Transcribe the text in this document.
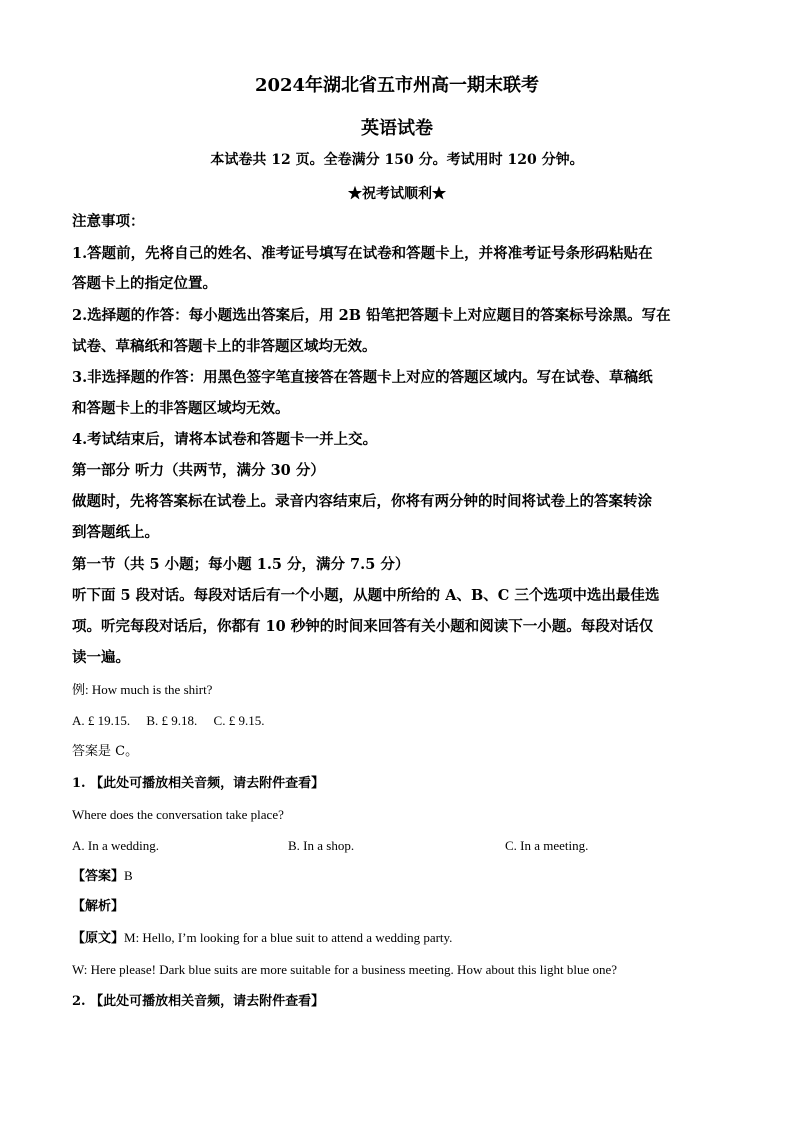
2024年湖北省五市州高一期末联考
英语试卷
本试卷共 12 页。全卷满分 150 分。考试用时 120 分钟。
★祝考试顺利★
注意事项：
1.答题前，先将自己的姓名、准考证号填写在试卷和答题卡上，并将准考证号条形码粘贴在
答题卡上的指定位置。
2.选择题的作答：每小题选出答案后，用 2B 铅笔把答题卡上对应题目的答案标号涂黑。写在
试卷、草稿纸和答题卡上的非答题区域均无效。
3.非选择题的作答：用黑色签字笔直接答在答题卡上对应的答题区域内。写在试卷、草稿纸
和答题卡上的非答题区域均无效。
4.考试结束后，请将本试卷和答题卡一并上交。
第一部分 听力（共两节，满分 30 分）
做题时，先将答案标在试卷上。录音内容结束后，你将有两分钟的时间将试卷上的答案转涂
到答题纸上。
第一节（共 5 小题；每小题 1.5 分，满分 7.5 分）
听下面 5 段对话。每段对话后有一个小题，从题中所给的 A、B、C 三个选项中选出最佳选
项。听完每段对话后，你都有 10 秒钟的时间来回答有关小题和阅读下一小题。每段对话仅
读一遍。
例: How much is the shirt?
A. £ 19.15.     B. £ 9.18.     C. £ 9.15.
答案是 C。
1. 【此处可播放相关音频，请去附件查看】
Where does the conversation take place?
A. In a wedding.	B. In a shop.	C. In a meeting.
【答案】B
【解析】
【原文】M: Hello, I’m looking for a blue suit to attend a wedding party.
W: Here please! Dark blue suits are more suitable for a business meeting. How about this light blue one?
2. 【此处可播放相关音频，请去附件查看】
